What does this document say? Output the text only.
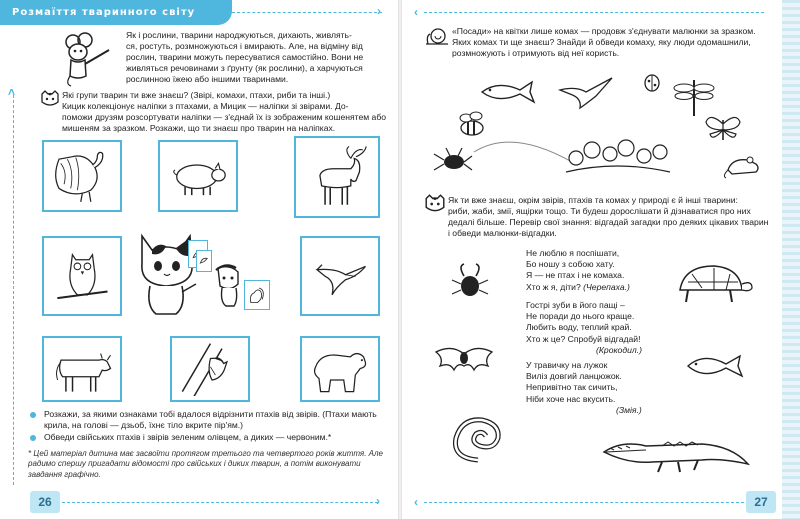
Розмаїття тваринного світу	›
˄
Як і рослини, тварини народжуються, дихають, живлять-
ся, ростуть, розмножуються і вмирають. Але, на відміну від
рослин, тварини можуть пересуватися самостійно. Вони не
живляться речовинами з ґрунту (як рослини), а харчуються
рослинною їжею або іншими тваринами.
Які групи тварин ти вже знаєш? (Звірі, комахи, птахи, риби та інші.)
Кицик колекціонує наліпки з птахами, а Мицик — наліпки зі звірами. До-
поможи друзям розсортувати наліпки — з'єднай їх із зображеним кошенятем або
мишеням за зразком. Розкажи, що ти знаєш про тварин на наліпках.
Розкажи, за якими ознаками тобі вдалося відрізнити птахів від звірів. (Птахи мають крила, на голові — дзьоб, їхнє тіло вкрите пір'ям.)
Обведи свійських птахів і звірів зеленим олівцем, а диких — червоним.*
* Цей матеріал дитина має засвоїти протягом третього та четвертого років життя. Але радимо спершу пригадати відомості про свійських і диких тварин, а потім виконувати завдання графічно.
26	›
‹
«Посади» на квітки лише комах — продовж з'єднувати малюнки за зразком.
Яких комах ти ще знаєш? Знайди й обведи комаху, яку люди одомашнили,
розмножують і отримують від неї користь.
Як ти вже знаєш, окрім звірів, птахів та комах у природі є й інші тварини:
риби, жаби, змії, ящірки тощо. Ти будеш дорослішати й дізнаватися про них
дедалі більше. Перевір свої знання: відгадай загадки про деяких цікавих тварин
і обведи малюнки-відгадки.
Не люблю я поспішати,
Бо ношу з собою хату.
Я — не птах і не комаха.
Хто ж я, діти? (Черепаха.)
Гострі зуби в його пащі –
Не поради до нього краще.
Любить воду, теплий край.
Хто ж це? Спробуй відгадай!
(Крокодил.)
У травичку на лужок
Виліз довгий ланцюжок.
Непривітно так сичить,
Ніби хоче нас вкусить.
(Змія.)
‹	27
